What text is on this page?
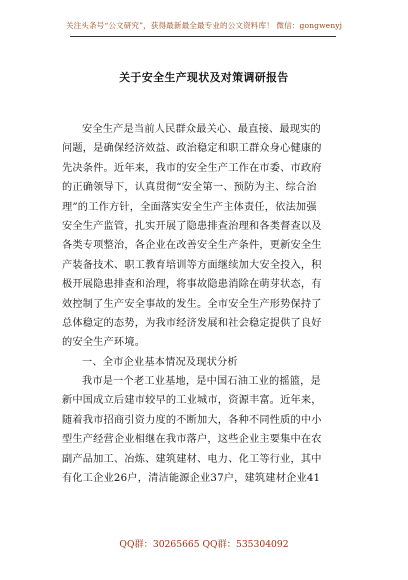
关注头条号“公文研究”，获得最新最全最专业的公文资料库！ 微信：gongwenyj
关于安全生产现状及对策调研报告
安全生产是当前人民群众最关心、最直接、最现实的
问题，是确保经济效益、政治稳定和职工群众身心健康的
先决条件。近年来，我市的安全生产工作在市委、市政府
的正确领导下，认真贯彻“安全第一、预防为主、综合治
理”的工作方针，全面落实安全生产主体责任，依法加强
安全生产监管，扎实开展了隐患排查治理和各类督查以及
各类专项整治，各企业在改善安全生产条件，更新安全生
产装备技术、职工教育培训等方面继续加大安全投入，积
极开展隐患排查和治理，将事故隐患消除在萌芽状态，有
效控制了生产安全事故的发生。全市安全生产形势保持了
总体稳定的态势，为我市经济发展和社会稳定提供了良好
的安全生产环境。
一、全市企业基本情况及现状分析
我市是一个老工业基地，是中国石油工业的摇篮，是
新中国成立后建市较早的工业城市，资源丰富。近年来，
随着我市招商引资力度的不断加大，各种不同性质的中小
型生产经营企业相继在我市落户，这些企业主要集中在农
副产品加工、冶炼、建筑建材、电力、化工等行业，其中
有化工企业26户，清洁能源企业37户，建筑建材企业41
QQ群：30265665 QQ群：535304092
